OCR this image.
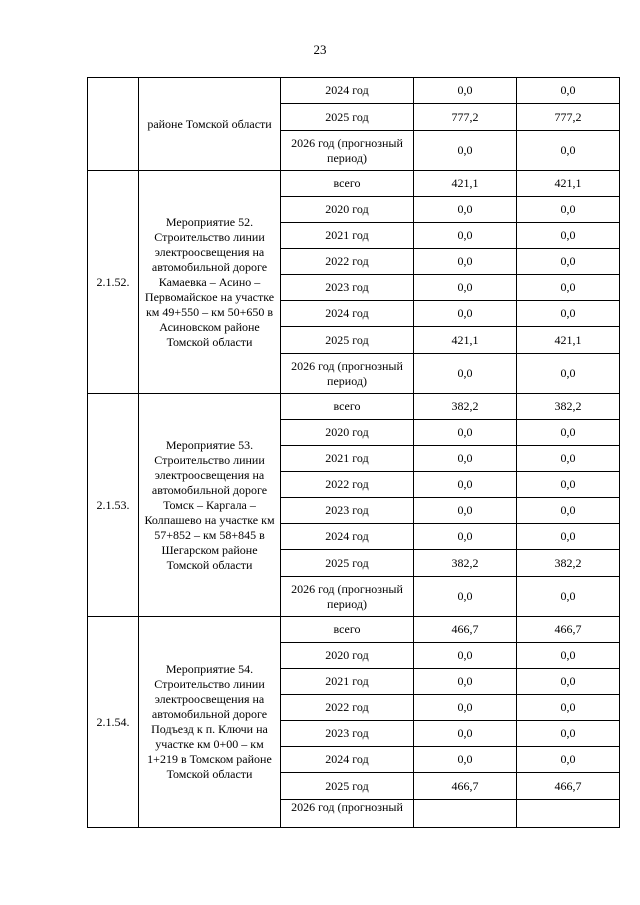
23
	районе Томской области	2024 год	0,0	0,0
		2025 год	777,2	777,2
		2026 год (прогнозный период)	0,0	0,0
2.1.52.	Мероприятие 52. Строительство линии электроосвещения на автомобильной дороге Камаевка – Асино – Первомайское на участке км 49+550 – км 50+650 в Асиновском районе Томской области	всего	421,1	421,1
		2020 год	0,0	0,0
		2021 год	0,0	0,0
		2022 год	0,0	0,0
		2023 год	0,0	0,0
		2024 год	0,0	0,0
		2025 год	421,1	421,1
		2026 год (прогнозный период)	0,0	0,0
2.1.53.	Мероприятие 53. Строительство линии электроосвещения на автомобильной дороге Томск – Каргала – Колпашево на участке км 57+852 – км 58+845 в Шегарском районе Томской области	всего	382,2	382,2
		2020 год	0,0	0,0
		2021 год	0,0	0,0
		2022 год	0,0	0,0
		2023 год	0,0	0,0
		2024 год	0,0	0,0
		2025 год	382,2	382,2
		2026 год (прогнозный период)	0,0	0,0
2.1.54.	Мероприятие 54. Строительство линии электроосвещения на автомобильной дороге Подъезд к п. Ключи на участке км 0+00 – км 1+219 в Томском районе Томской области	всего	466,7	466,7
		2020 год	0,0	0,0
		2021 год	0,0	0,0
		2022 год	0,0	0,0
		2023 год	0,0	0,0
		2024 год	0,0	0,0
		2025 год	466,7	466,7
		2026 год (прогнозный		
